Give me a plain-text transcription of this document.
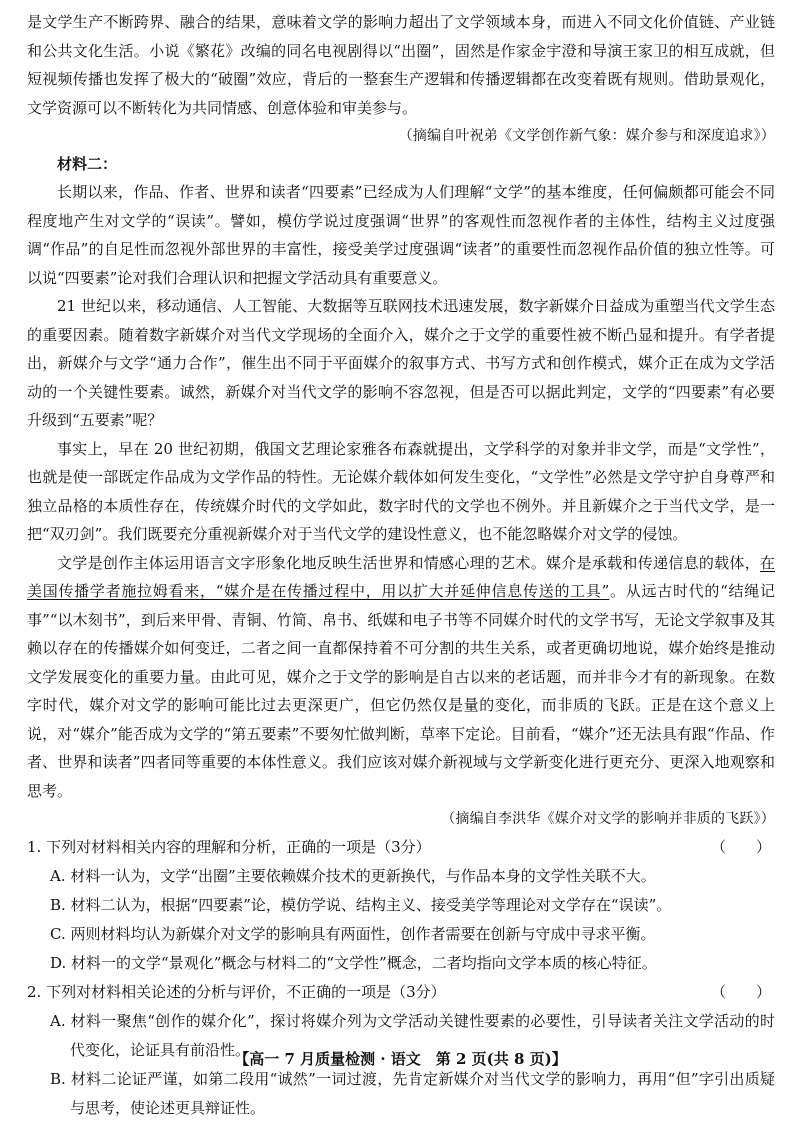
是文学生产不断跨界、融合的结果，意味着文学的影响力超出了文学领域本身，而进入不同文化价值链、产业链和公共文化生活。小说《繁花》改编的同名电视剧得以“出圈”，固然是作家金宇澄和导演王家卫的相互成就，但短视频传播也发挥了极大的“破圈”效应，背后的一整套生产逻辑和传播逻辑都在改变着既有规则。借助景观化，文学资源可以不断转化为共同情感、创意体验和审美参与。

（摘编自叶祝弟《文学创作新气象：媒介参与和深度追求》）

材料二：

长期以来，作品、作者、世界和读者“四要素”已经成为人们理解“文学”的基本维度，任何偏颇都可能会不同程度地产生对文学的“误读”。譬如，模仿学说过度强调“世界”的客观性而忽视作者的主体性，结构主义过度强调“作品”的自足性而忽视外部世界的丰富性，接受美学过度强调“读者”的重要性而忽视作品价值的独立性等。可以说“四要素”论对我们合理认识和把握文学活动具有重要意义。

21 世纪以来，移动通信、人工智能、大数据等互联网技术迅速发展，数字新媒介日益成为重塑当代文学生态的重要因素。随着数字新媒介对当代文学现场的全面介入，媒介之于文学的重要性被不断凸显和提升。有学者提出，新媒介与文学“通力合作”，催生出不同于平面媒介的叙事方式、书写方式和创作模式，媒介正在成为文学活动的一个关键性要素。诚然，新媒介对当代文学的影响不容忽视，但是否可以据此判定，文学的“四要素”有必要升级到“五要素”呢？

事实上，早在 20 世纪初期，俄国文艺理论家雅各布森就提出，文学科学的对象并非文学，而是“文学性”，也就是使一部既定作品成为文学作品的特性。无论媒介载体如何发生变化，“文学性”必然是文学守护自身尊严和独立品格的本质性存在，传统媒介时代的文学如此，数字时代的文学也不例外。并且新媒介之于当代文学，是一把“双刃剑”。我们既要充分重视新媒介对于当代文学的建设性意义，也不能忽略媒介对文学的侵蚀。

文学是创作主体运用语言文字形象化地反映生活世界和情感心理的艺术。媒介是承载和传递信息的载体，在美国传播学者施拉姆看来，“媒介是在传播过程中，用以扩大并延伸信息传送的工具”。从远古时代的“结绳记事”“以木刻书”，到后来甲骨、青铜、竹简、帛书、纸媒和电子书等不同媒介时代的文学书写，无论文学叙事及其赖以存在的传播媒介如何变迁，二者之间一直都保持着不可分割的共生关系，或者更确切地说，媒介始终是推动文学发展变化的重要力量。由此可见，媒介之于文学的影响是自古以来的老话题，而并非今才有的新现象。在数字时代，媒介对文学的影响可能比过去更深更广，但它仍然仅是量的变化，而非质的飞跃。正是在这个意义上说，对“媒介”能否成为文学的“第五要素”不要匆忙做判断，草率下定论。目前看，“媒介”还无法具有跟“作品、作者、世界和读者”四者同等重要的本体性意义。我们应该对媒介新视域与文学新变化进行更充分、更深入地观察和思考。

（摘编自李洪华《媒介对文学的影响并非质的飞跃》）

1. 下列对材料相关内容的理解和分析，正确的一项是（3分）	（　　）

A. 材料一认为，文学“出圈”主要依赖媒介技术的更新换代，与作品本身的文学性关联不大。

B. 材料二认为，根据“四要素”论，模仿学说、结构主义、接受美学等理论对文学存在“误读”。

C. 两则材料均认为新媒介对文学的影响具有两面性，创作者需要在创新与守成中寻求平衡。

D. 材料一的文学“景观化”概念与材料二的“文学性”概念，二者均指向文学本质的核心特征。

2. 下列对材料相关论述的分析与评价，不正确的一项是（3分）	（　　）

A. 材料一聚焦“创作的媒介化”，探讨将媒介列为文学活动关键性要素的必要性，引导读者关注文学活动的时代变化，论证具有前沿性。

B. 材料二论证严谨，如第二段用“诚然”一词过渡，先肯定新媒介对当代文学的影响力，再用“但”字引出质疑与思考，使论述更具辩证性。

【高一 7 月质量检测 · 语文　第 2 页(共 8 页)】
